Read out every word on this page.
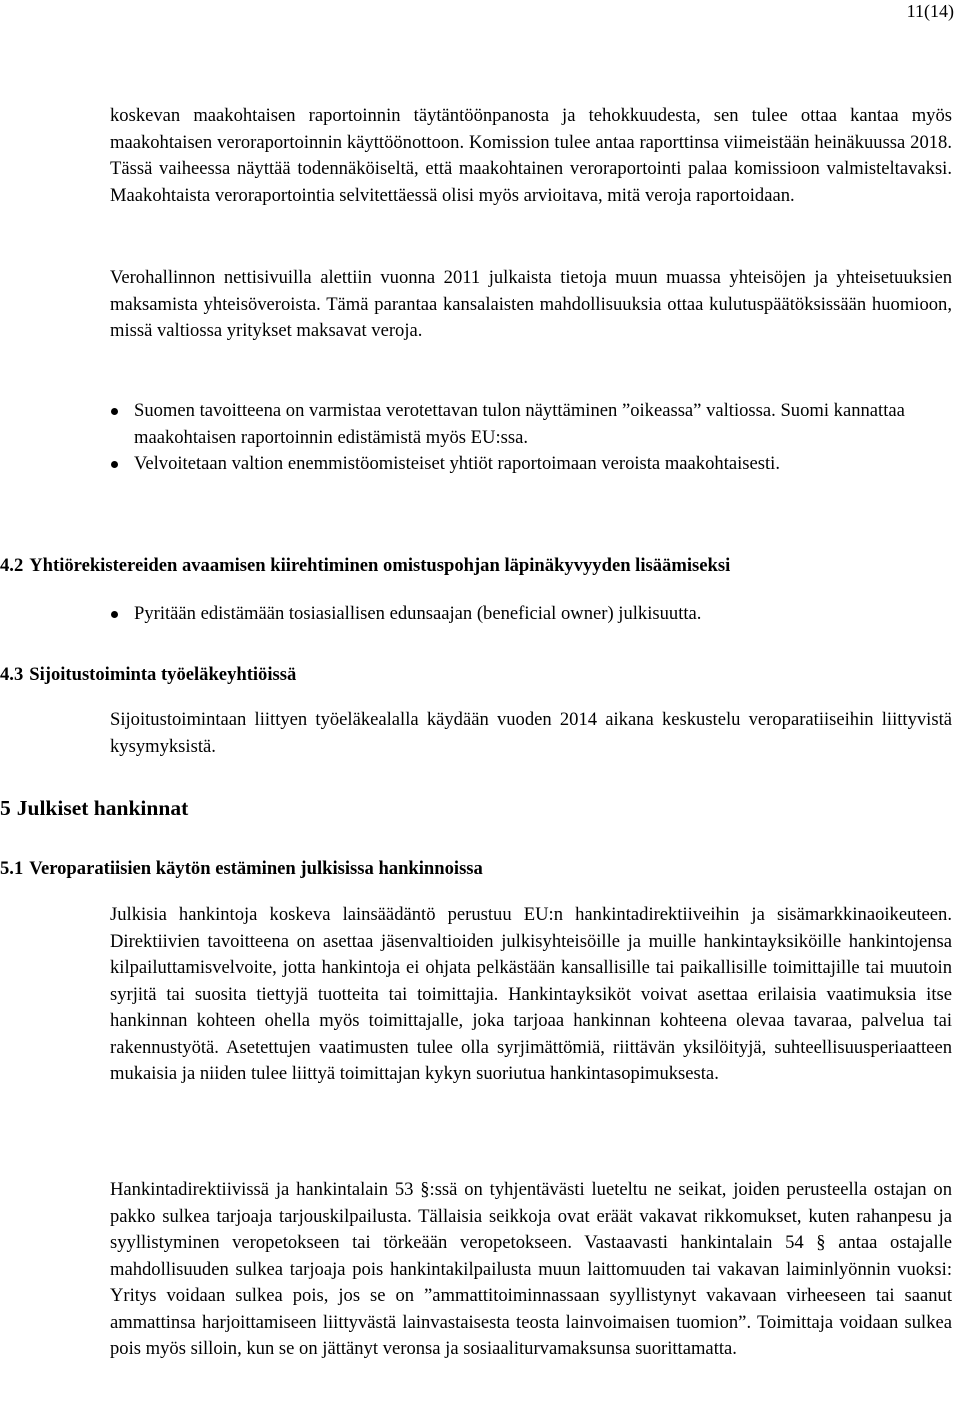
11(14)

koskevan maakohtaisen raportoinnin täytäntöönpanosta ja tehokkuudesta, sen tulee ottaa kantaa myös maakohtaisen veroraportoinnin käyttöönottoon. Komission tulee antaa raporttinsa viimeistään heinäkuussa 2018. Tässä vaiheessa näyttää todennäköiseltä, että maakohtainen veroraportointi palaa komissioon valmisteltavaksi. Maakohtaista veroraportointia selvitettäessä olisi myös arvioitava, mitä veroja raportoidaan.

Verohallinnon nettisivuilla alettiin vuonna 2011 julkaista tietoja muun muassa yhteisöjen ja yhteisetuuksien maksamista yhteisöveroista. Tämä parantaa kansalaisten mahdollisuuksia ottaa kulutuspäätöksissään huomioon, missä valtiossa yritykset maksavat veroja.

Suomen tavoitteena on varmistaa verotettavan tulon näyttäminen ”oikeassa” valtiossa. Suomi kannattaa maakohtaisen raportoinnin edistämistä myös EU:ssa.
Velvoitetaan valtion enemmistöomisteiset yhtiöt raportoimaan veroista maakohtaisesti.
4.2 Yhtiörekistereiden avaamisen kiirehtiminen omistuspohjan läpinäkyvyyden lisäämiseksi
Pyritään edistämään tosiasiallisen edunsaajan (beneficial owner) julkisuutta.
4.3 Sijoitustoiminta työeläkeyhtiöissä

Sijoitustoimintaan liittyen työeläkealalla käydään vuoden 2014 aikana keskustelu veroparatiiseihin liittyvistä kysymyksistä.

5 Julkiset hankinnat
5.1 Veroparatiisien käytön estäminen julkisissa hankinnoissa

Julkisia hankintoja koskeva lainsäädäntö perustuu EU:n hankintadirektiiveihin ja sisämarkkinaoikeuteen. Direktiivien tavoitteena on asettaa jäsenvaltioiden julkisyhteisöille ja muille hankintayksiköille hankintojensa kilpailuttamisvelvoite, jotta hankintoja ei ohjata pelkästään kansallisille tai paikallisille toimittajille tai muutoin syrjitä tai suosita tiettyjä tuotteita tai toimittajia. Hankintayksiköt voivat asettaa erilaisia vaatimuksia itse hankinnan kohteen ohella myös toimittajalle, joka tarjoaa hankinnan kohteena olevaa tavaraa, palvelua tai rakennustyötä. Asetettujen vaatimusten tulee olla syrjimättömiä, riittävän yksilöityjä, suhteellisuusperiaatteen mukaisia ja niiden tulee liittyä toimittajan kykyn suoriutua hankintasopimuksesta.

Hankintadirektiivissä ja hankintalain 53 §:ssä on tyhjentävästi lueteltu ne seikat, joiden perusteella ostajan on pakko sulkea tarjoaja tarjouskilpailusta. Tällaisia seikkoja ovat eräät vakavat rikkomukset, kuten rahanpesu ja syyllistyminen veropetokseen tai törkeään veropetokseen. Vastaavasti hankintalain 54 § antaa ostajalle mahdollisuuden sulkea tarjoaja pois hankintakilpailusta muun laittomuuden tai vakavan laiminlyönnin vuoksi: Yritys voidaan sulkea pois, jos se on ”ammattitoiminnassaan syyllistynyt vakavaan virheeseen tai saanut ammattinsa harjoittamiseen liittyvästä lainvastaisesta teosta lainvoimaisen tuomion”. Toimittaja voidaan sulkea pois myös silloin, kun se on jättänyt veronsa ja sosiaaliturvamaksunsa suorittamatta.
